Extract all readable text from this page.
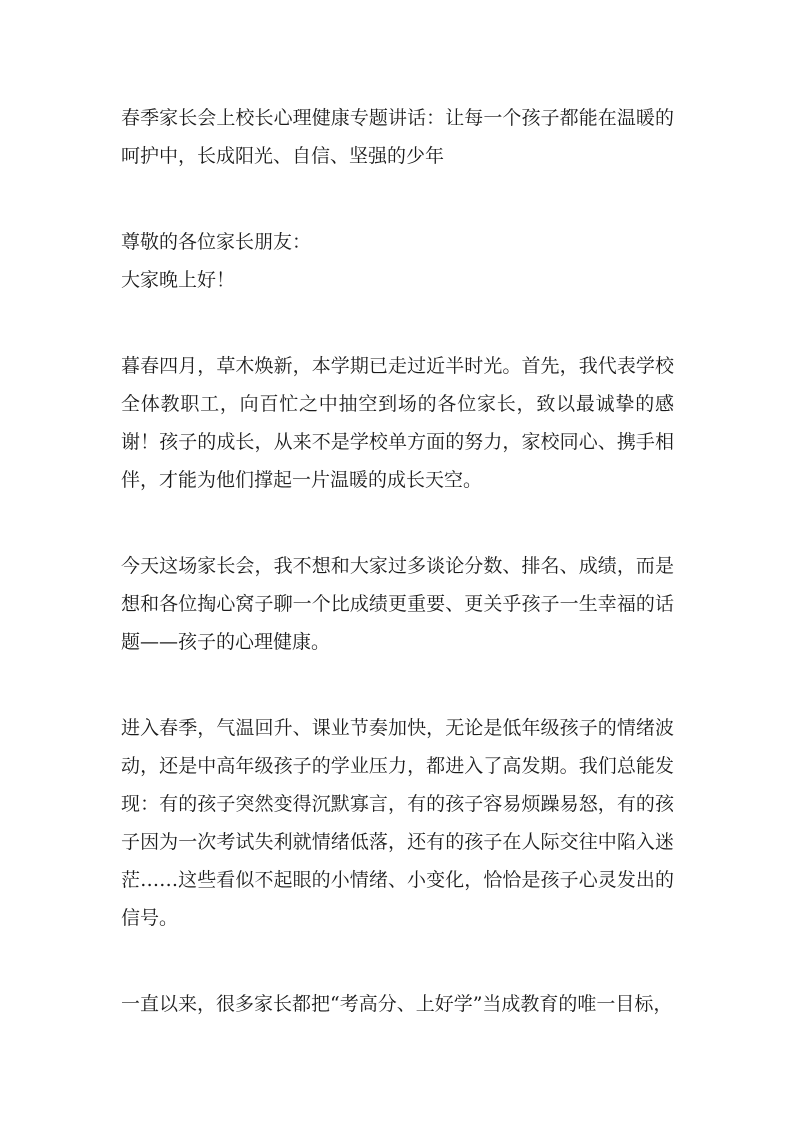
春季家长会上校长心理健康专题讲话：让每一个孩子都能在温暖的呵护中，长成阳光、自信、坚强的少年

尊敬的各位家长朋友：

大家晚上好！

暮春四月，草木焕新，本学期已走过近半时光。首先，我代表学校全体教职工，向百忙之中抽空到场的各位家长，致以最诚挚的感谢！孩子的成长，从来不是学校单方面的努力，家校同心、携手相伴，才能为他们撑起一片温暖的成长天空。

今天这场家长会，我不想和大家过多谈论分数、排名、成绩，而是想和各位掏心窝子聊一个比成绩更重要、更关乎孩子一生幸福的话题——孩子的心理健康。

进入春季，气温回升、课业节奏加快，无论是低年级孩子的情绪波动，还是中高年级孩子的学业压力，都进入了高发期。我们总能发现：有的孩子突然变得沉默寡言，有的孩子容易烦躁易怒，有的孩子因为一次考试失利就情绪低落，还有的孩子在人际交往中陷入迷茫……这些看似不起眼的小情绪、小变化，恰恰是孩子心灵发出的信号。

一直以来，很多家长都把“考高分、上好学”当成教育的唯一目标，
